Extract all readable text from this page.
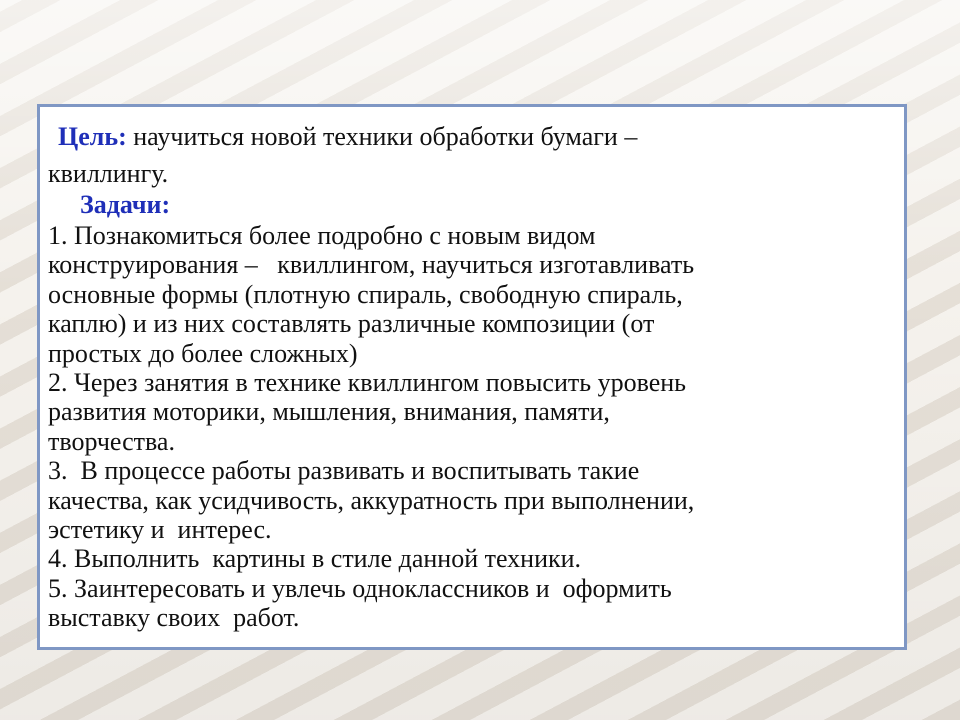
Цель: научиться новой техники обработки бумаги –
квиллингу.
Задачи:
1. Познакомиться более подробно с новым видом
конструирования –   квиллингом, научиться изготавливать
основные формы (плотную спираль, свободную спираль,
каплю) и из них составлять различные композиции (от
простых до более сложных)
2. Через занятия в технике квиллингом повысить уровень
развития моторики, мышления, внимания, памяти,
творчества.
3.  В процессе работы развивать и воспитывать такие
качества, как усидчивость, аккуратность при выполнении,
эстетику и  интерес.
4. Выполнить  картины в стиле данной техники.
5. Заинтересовать и увлечь одноклассников и  оформить
выставку своих  работ.
